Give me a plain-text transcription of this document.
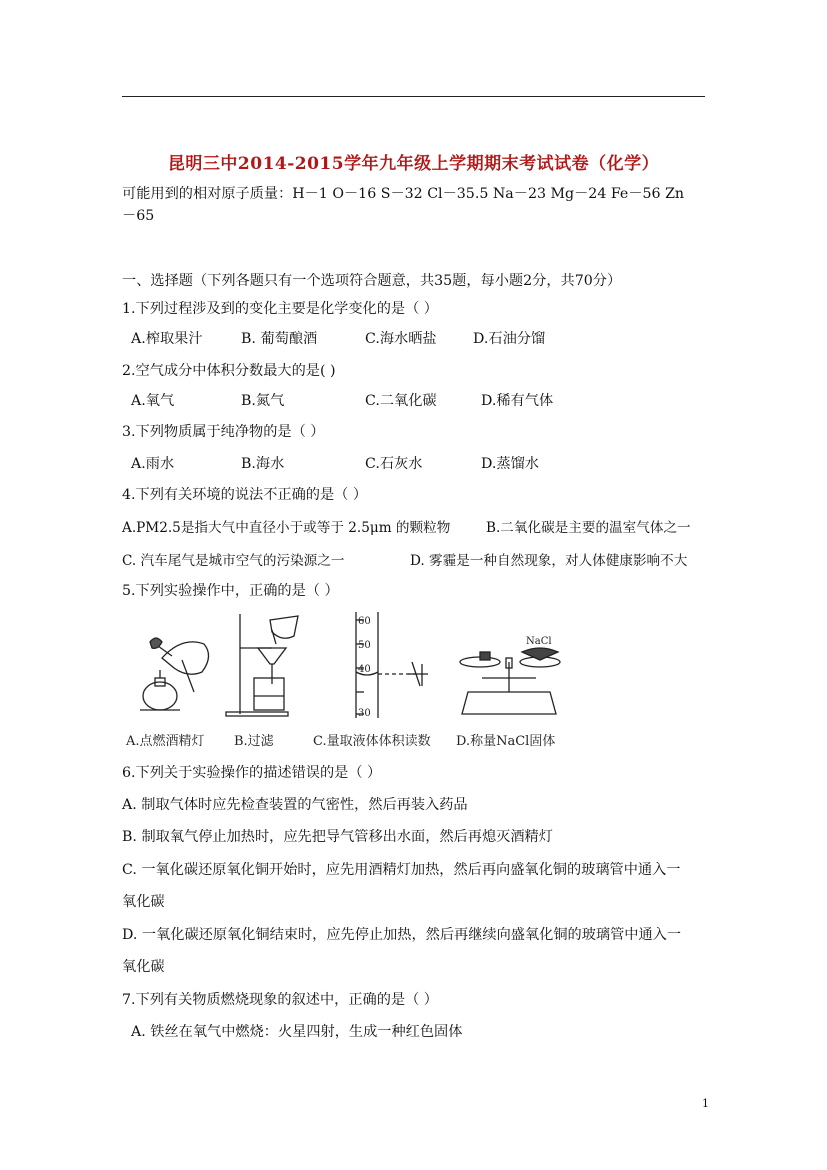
昆明三中2014-2015学年九年级上学期期末考试试卷（化学）
可能用到的相对原子质量：H－1 O－16 S－32 Cl－35.5 Na－23 Mg－24 Fe－56 Zn
－65
一、选择题（下列各题只有一个选项符合题意，共35题，每小题2分，共70分）
1.下列过程涉及到的变化主要是化学变化的是（ ）
A.榨取果汁	B. 葡萄酿酒	C.海水晒盐	D.石油分馏
2.空气成分中体积分数最大的是( )
A.氧气	B.氮气	C.二氧化碳	D.稀有气体
3.下列物质属于纯净物的是（ ）
A.雨水	B.海水	C.石灰水	D.蒸馏水
4.下列有关环境的说法不正确的是（ ）
A.PM2.5是指大气中直径小于或等于 2.5μm 的颗粒物	B.二氧化碳是主要的温室气体之一
C. 汽车尾气是城市空气的污染源之一	D. 雾霾是一种自然现象，对人体健康影响不大
5.下列实验操作中，正确的是（ ）
60
50
40
30
NaCl
A.点燃酒精灯 B.过滤	C.量取液体体积读数 D.称量NaCl固体
6.下列关于实验操作的描述错误的是（ ）
A. 制取气体时应先检查装置的气密性，然后再装入药品
B. 制取氧气停止加热时，应先把导气管移出水面，然后再熄灭酒精灯
C. 一氧化碳还原氧化铜开始时，应先用酒精灯加热，然后再向盛氧化铜的玻璃管中通入一
氧化碳
D. 一氧化碳还原氧化铜结束时，应先停止加热，然后再继续向盛氧化铜的玻璃管中通入一
氧化碳
7.下列有关物质燃烧现象的叙述中，正确的是（ ）
A. 铁丝在氧气中燃烧：火星四射，生成一种红色固体
1
